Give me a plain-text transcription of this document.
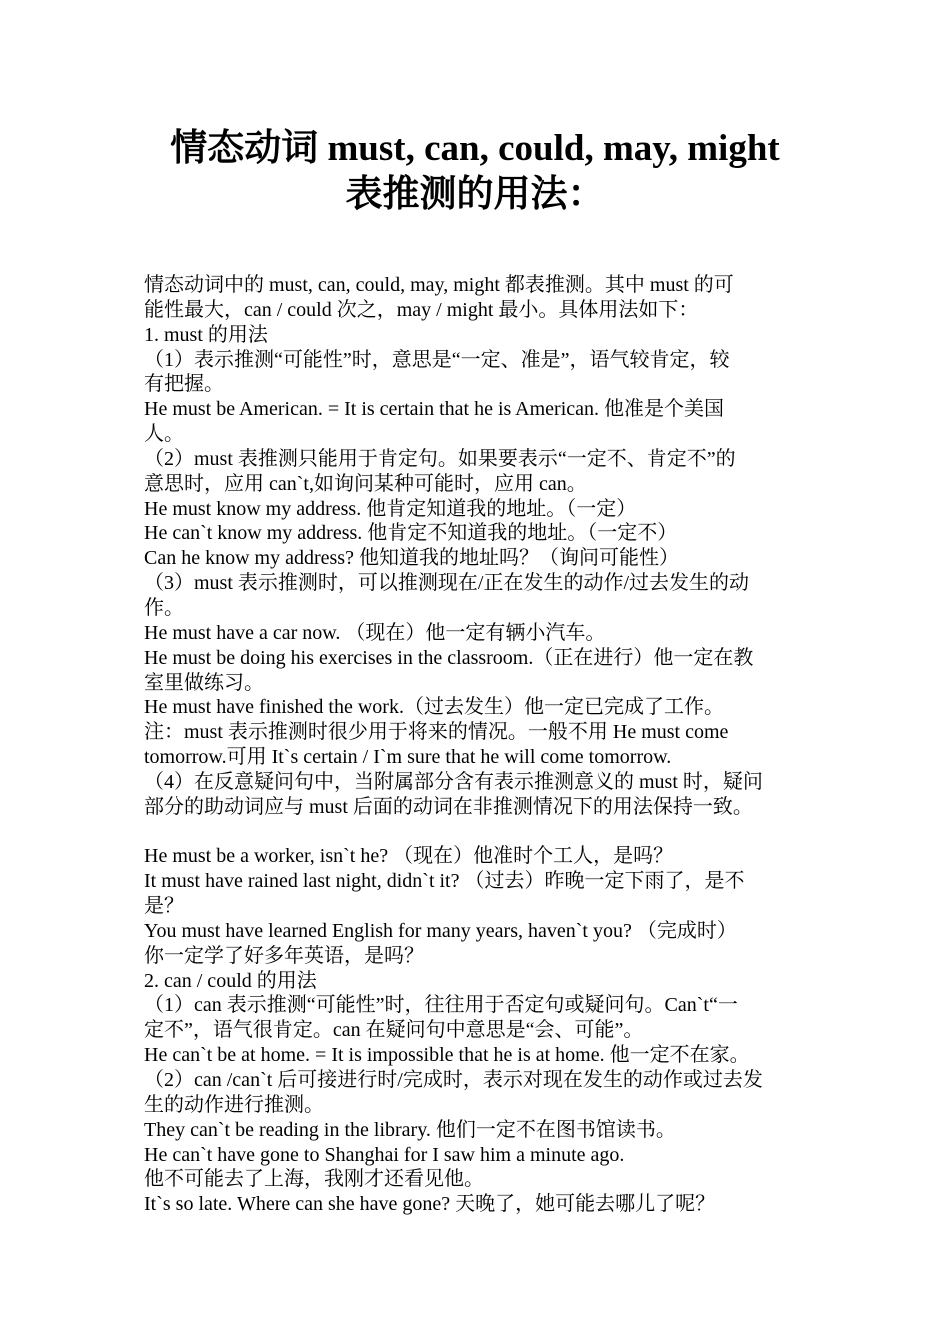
情态动词 must, can, could, may, might
表推测的用法：
情态动词中的 must, can, could, may, might 都表推测。其中 must 的可
能性最大，can / could 次之，may / might 最小。具体用法如下：
1. must 的用法
（1）表示推测“可能性”时，意思是“一定、准是”，语气较肯定，较
有把握。
He must be American. = It is certain that he is American. 他准是个美国
人。
（2）must 表推测只能用于肯定句。如果要表示“一定不、肯定不”的
意思时，应用 can`t,如询问某种可能时，应用 can。
He must know my address. 他肯定知道我的地址。（一定）
He can`t know my address. 他肯定不知道我的地址。（一定不）
Can he know my address? 他知道我的地址吗？（询问可能性）
（3）must 表示推测时，可以推测现在/正在发生的动作/过去发生的动
作。
He must have a car now. （现在）他一定有辆小汽车。
He must be doing his exercises in the classroom.（正在进行）他一定在教
室里做练习。
He must have finished the work.（过去发生）他一定已完成了工作。
注：must 表示推测时很少用于将来的情况。一般不用 He must come
tomorrow.可用 It`s certain / I`m sure that he will come tomorrow.
（4）在反意疑问句中，当附属部分含有表示推测意义的 must 时，疑问
部分的助动词应与 must 后面的动词在非推测情况下的用法保持一致。
He must be a worker, isn`t he? （现在）他准时个工人，是吗？
It must have rained last night, didn`t it? （过去）昨晚一定下雨了，是不
是？
You must have learned English for many years, haven`t you? （完成时）
你一定学了好多年英语，是吗？
2. can / could 的用法
（1）can 表示推测“可能性”时，往往用于否定句或疑问句。Can`t“一
定不”，语气很肯定。can 在疑问句中意思是“会、可能”。
He can`t be at home. = It is impossible that he is at home. 他一定不在家。
（2）can /can`t 后可接进行时/完成时，表示对现在发生的动作或过去发
生的动作进行推测。
They can`t be reading in the library. 他们一定不在图书馆读书。
He can`t have gone to Shanghai for I saw him a minute ago.
他不可能去了上海，我刚才还看见他。
It`s so late. Where can she have gone? 天晚了，她可能去哪儿了呢？
